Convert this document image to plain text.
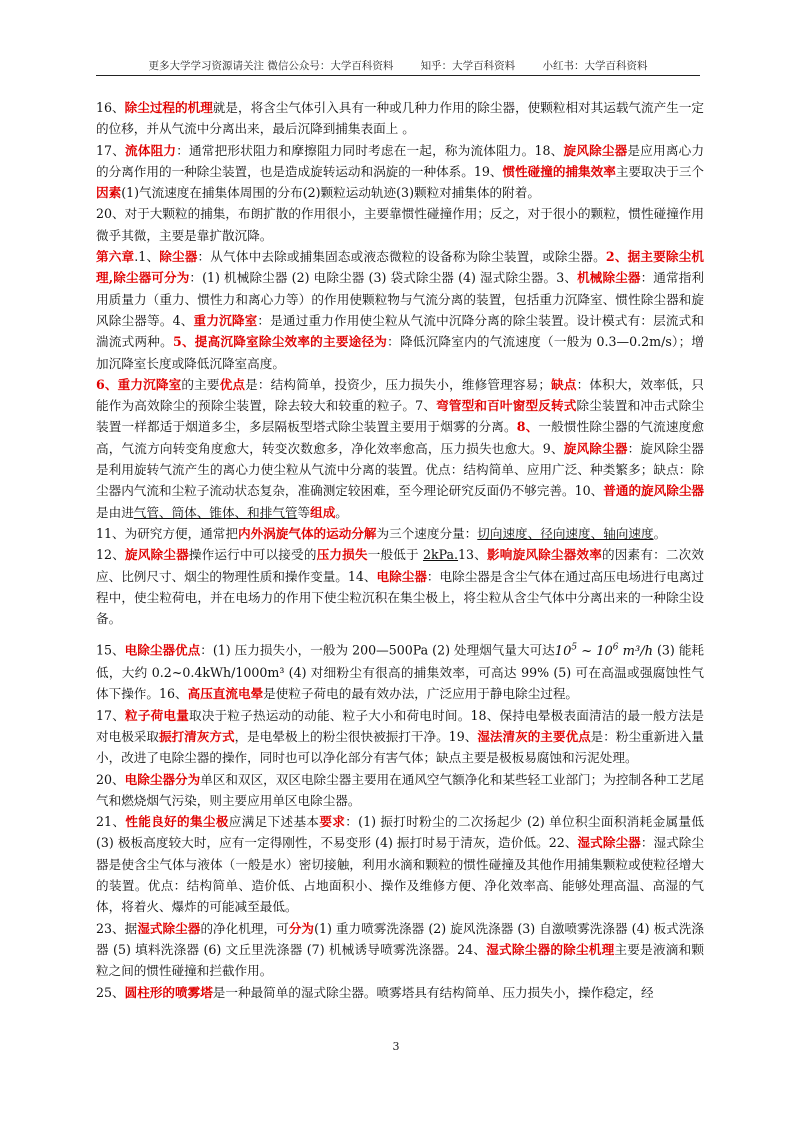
更多大学学习资源请关注 微信公众号：大学百科资料	知乎：大学百科资料	小红书：大学百科资料

16、除尘过程的机理就是，将含尘气体引入具有一种或几种力作用的除尘器，使颗粒相对其运载气流产生一定的位移，并从气流中分离出来，最后沉降到捕集表面上 。

17、流体阻力：通常把形状阻力和摩擦阻力同时考虑在一起，称为流体阻力。18、旋风除尘器是应用离心力的分离作用的一种除尘装置，也是造成旋转运动和涡旋的一种体系。19、惯性碰撞的捕集效率主要取决于三个因素(1)气流速度在捕集体周围的分布(2)颗粒运动轨迹(3)颗粒对捕集体的附着。

20、对于大颗粒的捕集，布朗扩散的作用很小，主要靠惯性碰撞作用；反之，对于很小的颗粒，惯性碰撞作用微乎其微，主要是靠扩散沉降。

第六章.1、除尘器：从气体中去除或捕集固态或液态微粒的设备称为除尘装置，或除尘器。2、据主要除尘机理,除尘器可分为：(1) 机械除尘器 (2) 电除尘器 (3) 袋式除尘器 (4) 湿式除尘器。3、机械除尘器：通常指利用质量力（重力、惯性力和离心力等）的作用使颗粒物与气流分离的装置，包括重力沉降室、惯性除尘器和旋风除尘器等。4、重力沉降室：是通过重力作用使尘粒从气流中沉降分离的除尘装置。设计模式有：层流式和湍流式两种。5、提高沉降室除尘效率的主要途径为：降低沉降室内的气流速度（一般为 0.3—0.2m/s）；增加沉降室长度或降低沉降室高度。

6、重力沉降室的主要优点是：结构简单，投资少，压力损失小，维修管理容易；缺点：体积大，效率低，只能作为高效除尘的预除尘装置，除去较大和较重的粒子。7、弯管型和百叶窗型反转式除尘装置和冲击式除尘装置一样都适于烟道多尘，多层隔板型塔式除尘装置主要用于烟雾的分离。8、一般惯性除尘器的气流速度愈高，气流方向转变角度愈大，转变次数愈多，净化效率愈高，压力损失也愈大。9、旋风除尘器：旋风除尘器是利用旋转气流产生的离心力使尘粒从气流中分离的装置。优点：结构简单、应用广泛、种类繁多；缺点：除尘器内气流和尘粒子流动状态复杂，准确测定较困难，至今理论研究反面仍不够完善。10、普通的旋风除尘器是由进气管、筒体、锥体、和排气管等组成。

11、为研究方便，通常把内外涡旋气体的运动分解为三个速度分量：切向速度、径向速度、轴向速度。

12、旋风除尘器操作运行中可以接受的压力损失一般低于 2kPa.13、影响旋风除尘器效率的因素有：二次效应、比例尺寸、烟尘的物理性质和操作变量。14、电除尘器：电除尘器是含尘气体在通过高压电场进行电离过程中，使尘粒荷电，并在电场力的作用下使尘粒沉积在集尘极上，将尘粒从含尘气体中分离出来的一种除尘设备。

15、电除尘器优点：(1) 压力损失小，一般为 200—500Pa (2) 处理烟气量大可达$10^5$ ~ $10^6$ m³/h (3) 能耗低，大约 0.2~0.4kWh/1000m³ (4) 对细粉尘有很高的捕集效率，可高达 99% (5) 可在高温或强腐蚀性气体下操作。16、高压直流电晕是使粒子荷电的最有效办法，广泛应用于静电除尘过程。

17、粒子荷电量取决于粒子热运动的动能、粒子大小和荷电时间。18、保持电晕极表面清洁的最一般方法是对电极采取振打清灰方式，是电晕极上的粉尘很快被振打干净。19、湿法清灰的主要优点是：粉尘重新进入量小，改进了电除尘器的操作，同时也可以净化部分有害气体；缺点主要是极板易腐蚀和污泥处理。

20、电除尘器分为单区和双区，双区电除尘器主要用在通风空气额净化和某些轻工业部门；为控制各种工艺尾气和燃烧烟气污染，则主要应用单区电除尘器。

21、性能良好的集尘极应满足下述基本要求：(1) 振打时粉尘的二次扬起少 (2) 单位积尘面积消耗金属量低 (3) 极板高度较大时，应有一定得刚性，不易变形 (4) 振打时易于清灰，造价低。22、湿式除尘器：湿式除尘器是使含尘气体与液体（一般是水）密切接触，利用水滴和颗粒的惯性碰撞及其他作用捕集颗粒或使粒径增大的装置。优点：结构简单、造价低、占地面积小、操作及维修方便、净化效率高、能够处理高温、高湿的气体，将着火、爆炸的可能减至最低。

23、据湿式除尘器的净化机理，可分为(1) 重力喷雾洗涤器 (2) 旋风洗涤器 (3) 自激喷雾洗涤器 (4) 板式洗涤器 (5) 填料洗涤器 (6) 文丘里洗涤器 (7) 机械诱导喷雾洗涤器。24、湿式除尘器的除尘机理主要是液滴和颗粒之间的惯性碰撞和拦截作用。

25、圆柱形的喷雾塔是一种最简单的湿式除尘器。喷雾塔具有结构简单、压力损失小，操作稳定，经

3
